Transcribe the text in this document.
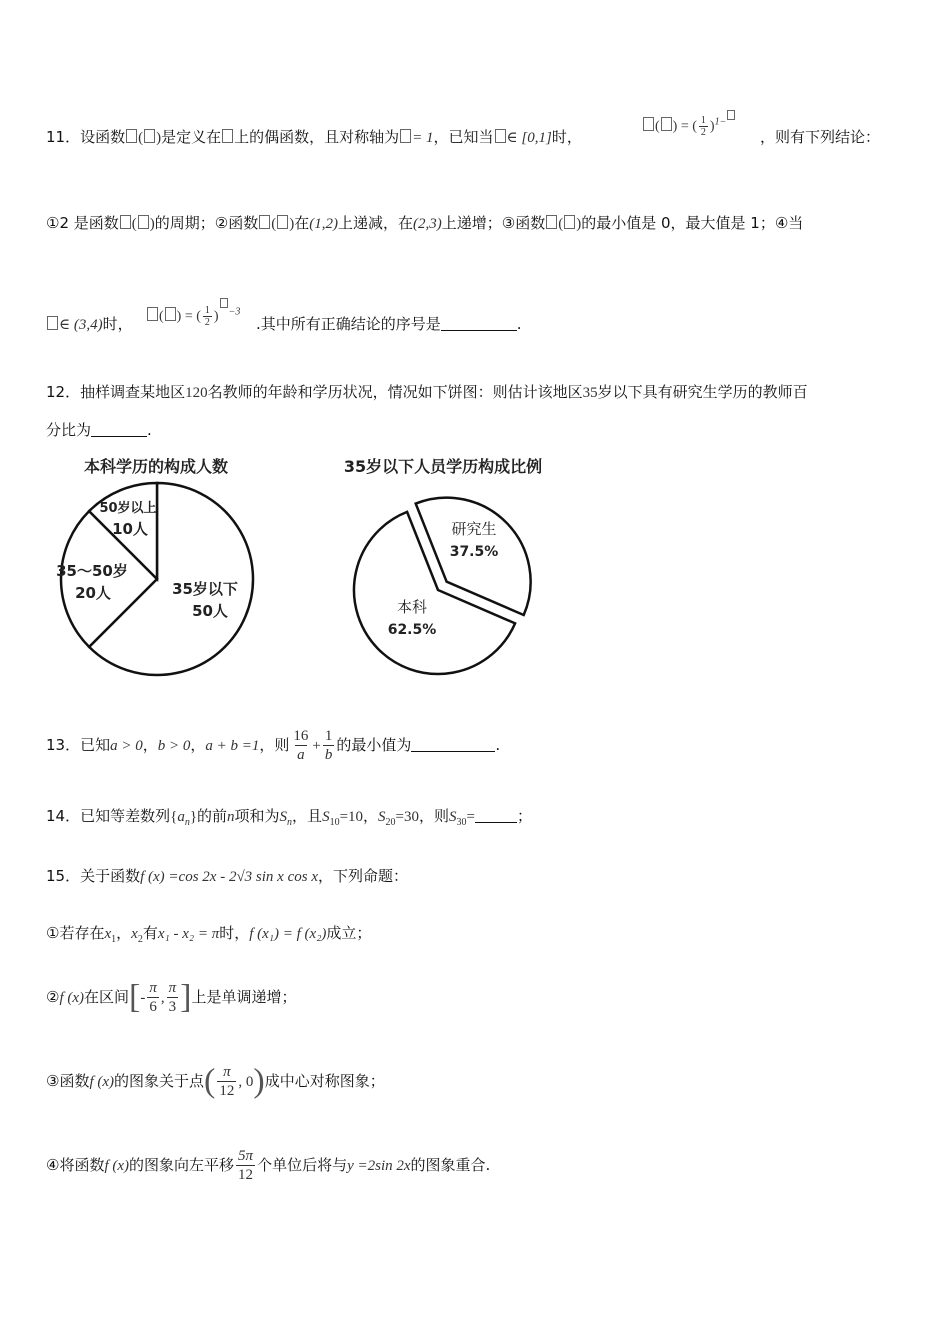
11．设函数 ( )是定义在 上的偶函数，且对称轴为 = 1，已知当 ∈ [0,1]时，
( ) = ( $\frac{1}{2} )^{1-}$
，则有下列结论：
①2 是函数 ( )的周期；②函数 ( )在(1,2)上递减，在(2,3)上递增；③函数 ( )的最小值是 0，最大值是 1；④当
∈ (3,4)时，	( ) = ( $\frac{1}{2}$ ) $^{-3}$
.其中所有正确结论的序号是	.
12．抽样调查某地区120名教师的年龄和学历状况，情况如下饼图：则估计该地区35岁以下具有研究生学历的教师百
分比为	.
本科学历的构成人数
35岁以下
50人
35～50岁
20人
50岁以上
10人
35岁以下人员学历构成比例
研究生
37.5%
本科
62.5%
13．已知a > 0，b > 0，a + b =1，则 $\frac{16}{a} + \frac{1}{b}$ 的最小值为	.
14．已知等差数列$\{a_n\}$的前n项和为$S_n$，且$S_{10}=10$，$S_{20}=30$，则$S_{30}=$	；
15．关于函数f (x) =cos 2x - 2√3 sin x cos x，下列命题：
①若存在$x_1$，$x_2$有x₁ - x₂ = π时，f (x₁) = f (x₂)成立；
②f (x)在区间[- $\frac{\pi}{6}$ , $\frac{\pi}{3}$ ]上是单调递增；
③函数f (x)的图象关于点( $\frac{\pi}{12}$ , 0)成中心对称图象；
④将函数f (x)的图象向左平移 $\frac{5\pi}{12}$ 个单位后将与y =2sin 2x的图象重合.
